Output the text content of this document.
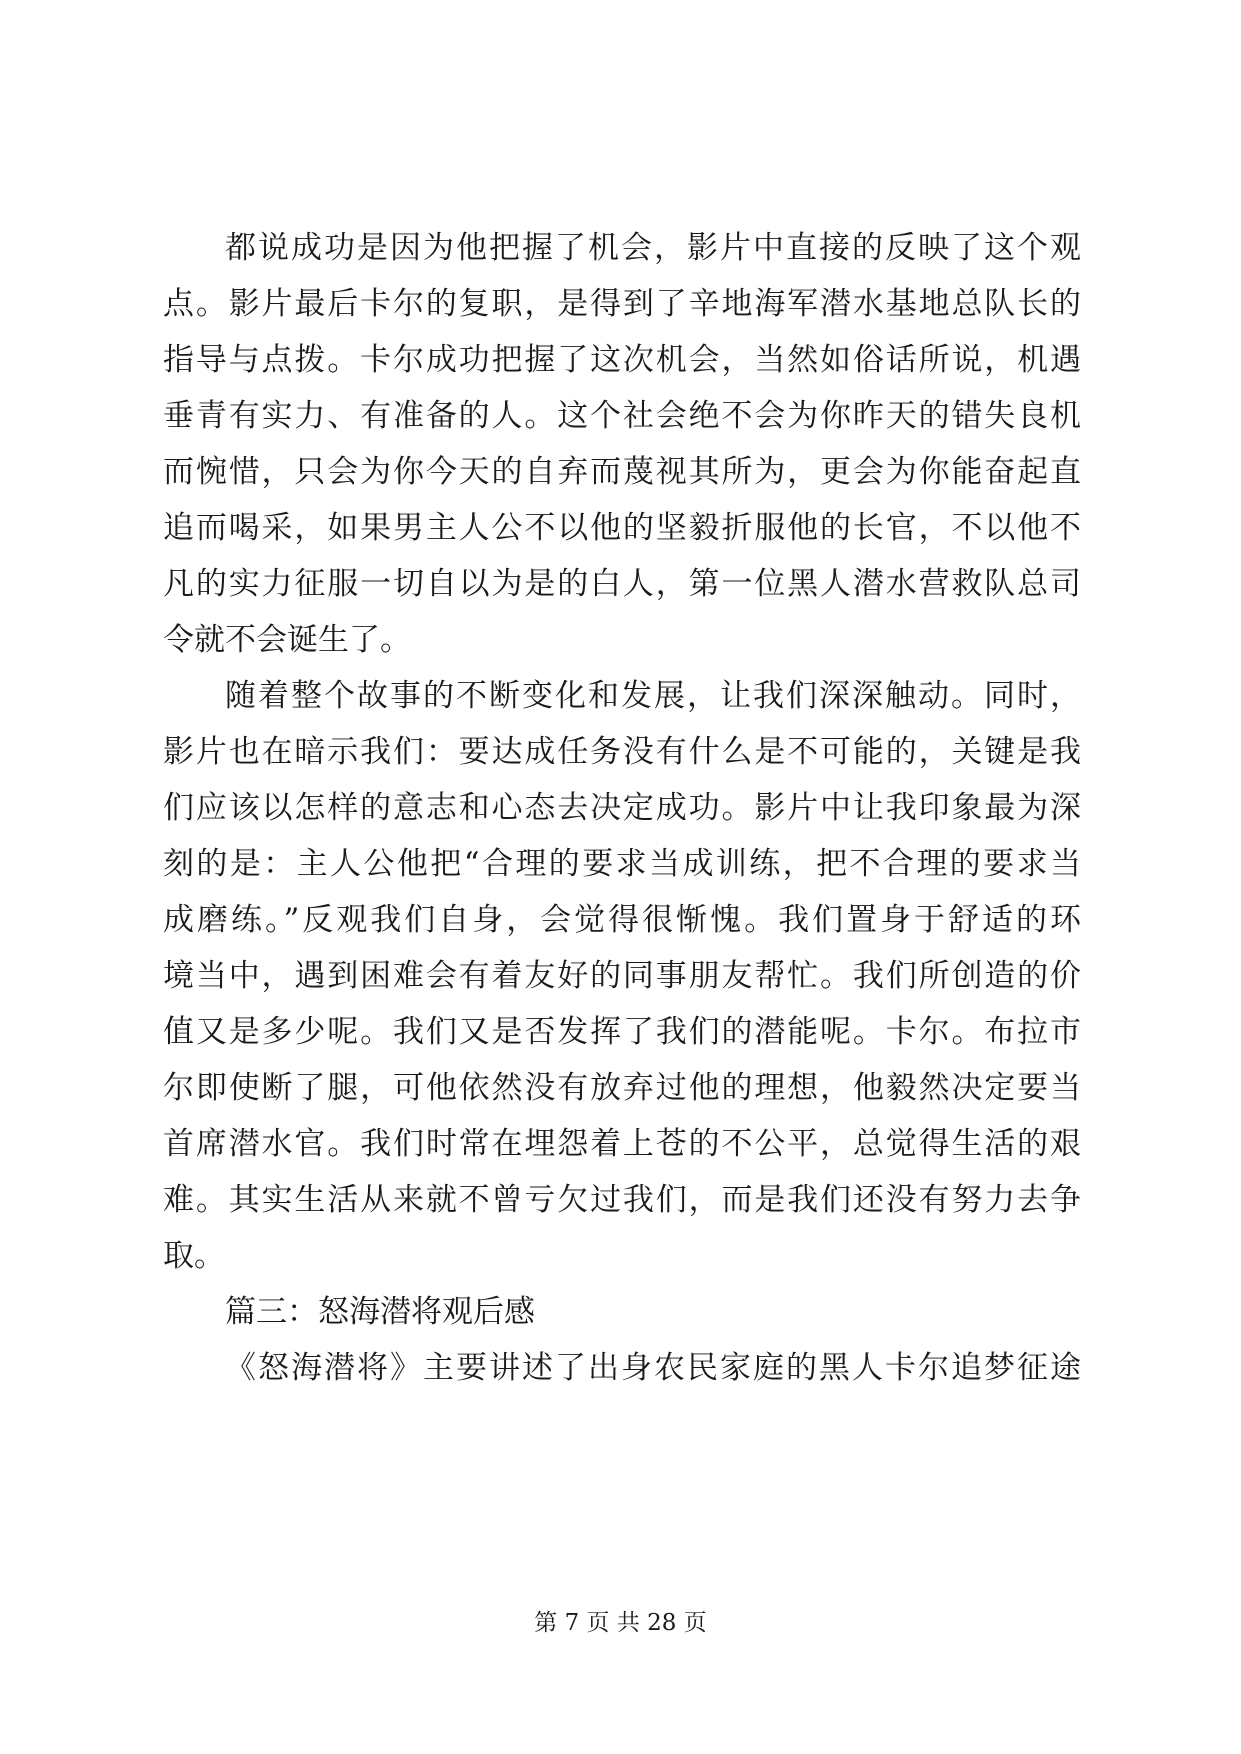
都说成功是因为他把握了机会，影片中直接的反映了这个观
点。影片最后卡尔的复职，是得到了辛地海军潜水基地总队长的
指导与点拨。卡尔成功把握了这次机会，当然如俗话所说，机遇
垂青有实力、有准备的人。这个社会绝不会为你昨天的错失良机
而惋惜，只会为你今天的自弃而蔑视其所为，更会为你能奋起直
追而喝采，如果男主人公不以他的坚毅折服他的长官，不以他不
凡的实力征服一切自以为是的白人，第一位黑人潜水营救队总司
令就不会诞生了。
随着整个故事的不断变化和发展，让我们深深触动。同时，
影片也在暗示我们：要达成任务没有什么是不可能的，关键是我
们应该以怎样的意志和心态去决定成功。影片中让我印象最为深
刻的是：主人公他把“合理的要求当成训练，把不合理的要求当
成磨练。”反观我们自身，会觉得很惭愧。我们置身于舒适的环
境当中，遇到困难会有着友好的同事朋友帮忙。我们所创造的价
值又是多少呢。我们又是否发挥了我们的潜能呢。卡尔。布拉市
尔即使断了腿，可他依然没有放弃过他的理想，他毅然决定要当
首席潜水官。我们时常在埋怨着上苍的不公平，总觉得生活的艰
难。其实生活从来就不曾亏欠过我们，而是我们还没有努力去争
取。
篇三：怒海潜将观后感
《怒海潜将》主要讲述了出身农民家庭的黑人卡尔追梦征途
第 7 页 共 28 页
